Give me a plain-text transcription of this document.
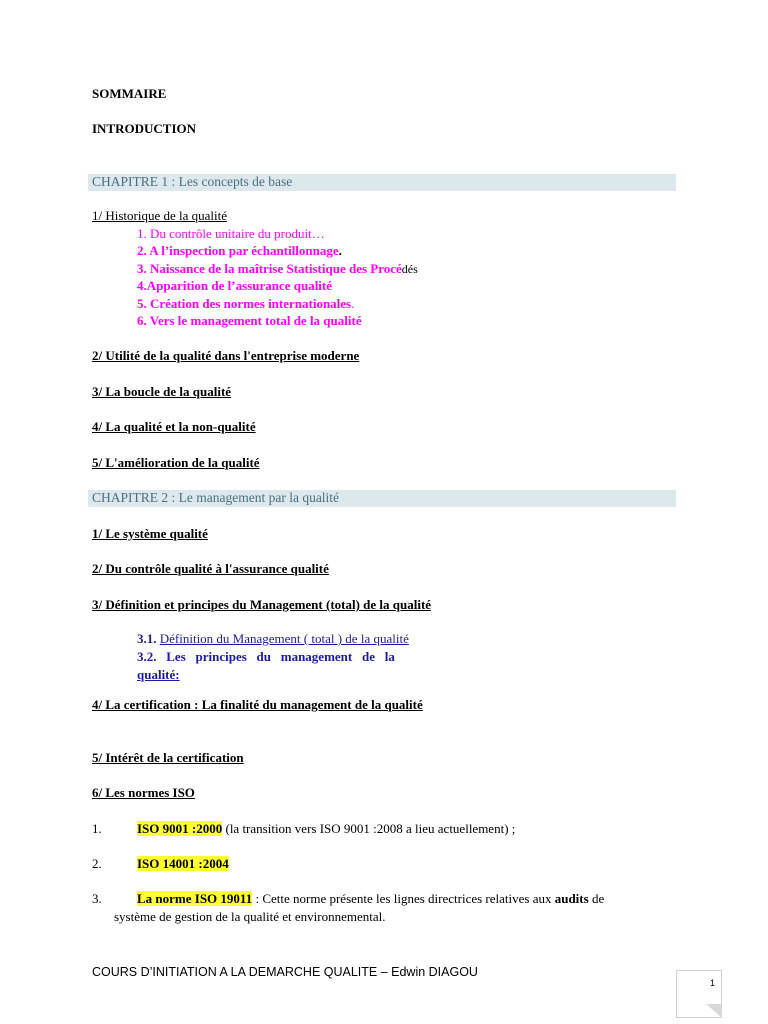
SOMMAIRE
INTRODUCTION
CHAPITRE 1 : Les concepts de base
1/ Historique de la qualité
1. Du contrôle unitaire du produit…
2. A l’inspection par échantillonnage.
3. Naissance de la maîtrise Statistique des Procédés
4.Apparition de l’assurance qualité
5. Création des normes internationales.
6. Vers le management total de la qualité
2/ Utilité de la qualité dans l'entreprise moderne
3/ La boucle de la qualité
4/ La qualité et la non-qualité
5/ L'amélioration de la qualité
CHAPITRE 2 : Le management par la qualité
1/ Le système qualité
2/ Du contrôle qualité à l'assurance qualité
3/ Définition et principes du Management (total) de la qualité
3.1. Définition du Management ( total ) de la qualité
3.2.   Les   principes   du   management   de   la
qualité:
4/ La certification : La finalité du management de la qualité
5/ Intérêt de la certification
6/ Les normes ISO
1.	ISO 9001 :2000 (la transition vers ISO 9001 :2008 a lieu actuellement) ;
2.	ISO 14001 :2004
3.	La norme ISO 19011 : Cette norme présente les lignes directrices relatives aux audits de
système de gestion de la qualité et environnemental.
COURS D’INITIATION A LA DEMARCHE QUALITE – Edwin DIAGOU
1
